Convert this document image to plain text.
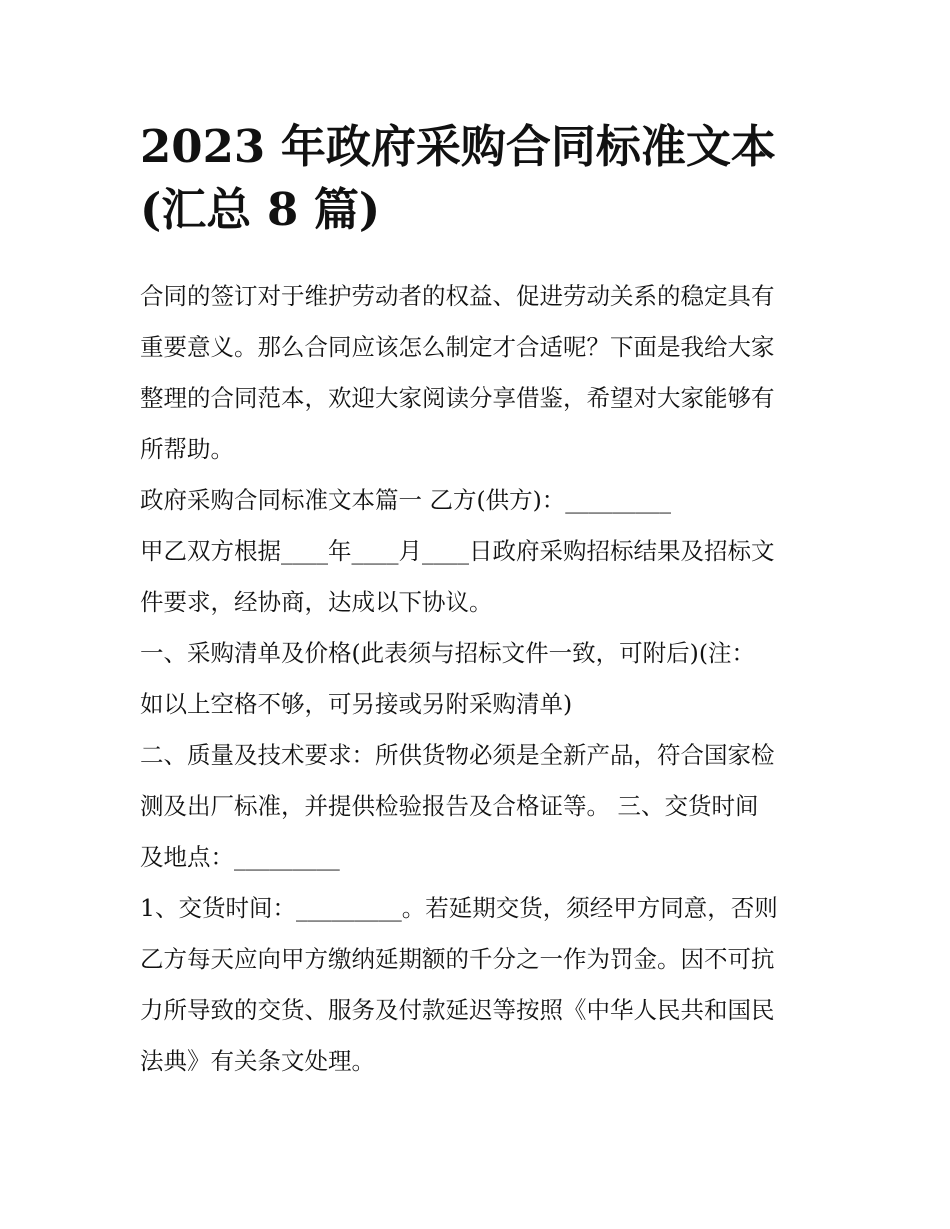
2023 年政府采购合同标准文本
(汇总 8 篇)

合同的签订对于维护劳动者的权益、促进劳动关系的稳定具有
重要意义。那么合同应该怎么制定才合适呢？下面是我给大家
整理的合同范本，欢迎大家阅读分享借鉴，希望对大家能够有
所帮助。

政府采购合同标准文本篇一 乙方(供方)：_________

甲乙双方根据____年____月____日政府采购招标结果及招标文
件要求，经协商，达成以下协议。

一、采购清单及价格(此表须与招标文件一致，可附后)(注：
如以上空格不够，可另接或另附采购清单)

二、质量及技术要求：所供货物必须是全新产品，符合国家检
测及出厂标准，并提供检验报告及合格证等。 三、交货时间
及地点：_________

1、交货时间：_________。若延期交货，须经甲方同意，否则
乙方每天应向甲方缴纳延期额的千分之一作为罚金。因不可抗
力所导致的交货、服务及付款延迟等按照《中华人民共和国民
法典》有关条文处理。
